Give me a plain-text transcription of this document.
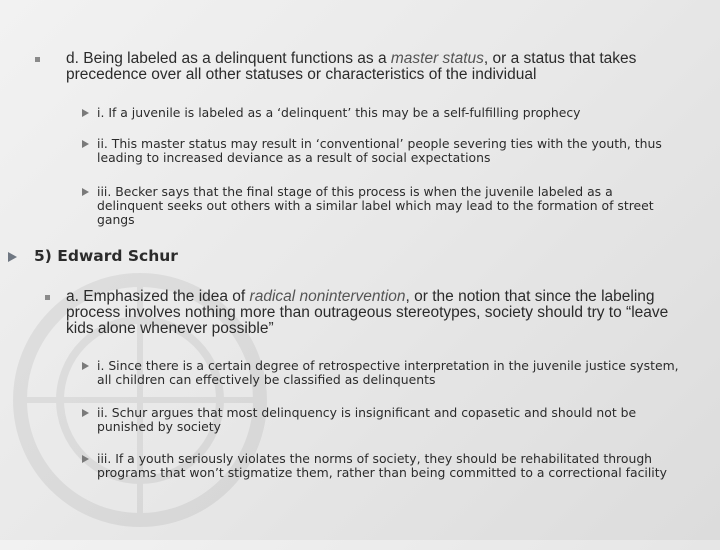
d. Being labeled as a delinquent functions as a master status, or a status that takes precedence over all other statuses or characteristics of the individual
i. If a juvenile is labeled as a ‘delinquent’ this may be a self-fulfilling prophecy
ii. This master status may result in ‘conventional’ people severing ties with the youth, thus leading to increased deviance as a result of social expectations
iii. Becker says that the final stage of this process is when the juvenile labeled as a delinquent seeks out others with a similar label which may lead to the formation of street gangs
5) Edward Schur
a. Emphasized the idea of radical nonintervention, or the notion that since the labeling process involves nothing more than outrageous stereotypes, society should try to “leave kids alone whenever possible”
i. Since there is a certain degree of retrospective interpretation in the juvenile justice system, all children can effectively be classified as delinquents
ii. Schur argues that most delinquency is insignificant and copasetic and should not be punished by society
iii. If a youth seriously violates the norms of society, they should be rehabilitated through programs that won’t stigmatize them, rather than being committed to a correctional facility
